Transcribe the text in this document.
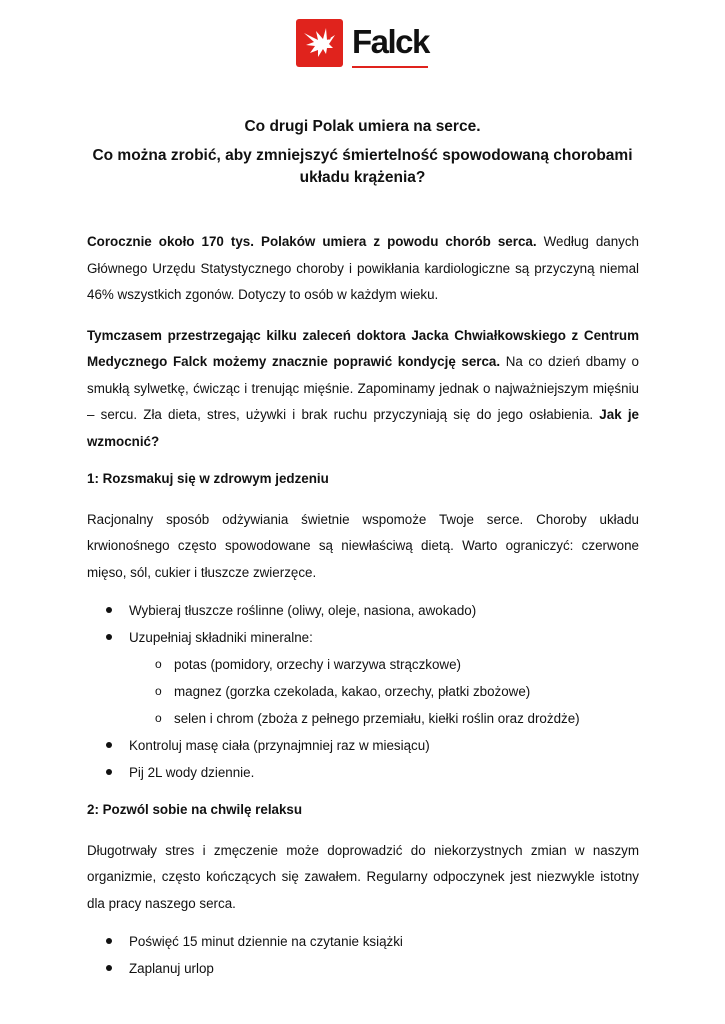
Falck
Co drugi Polak umiera na serce.
Co można zrobić, aby zmniejszyć śmiertelność spowodowaną chorobami
układu krążenia?

Corocznie około 170 tys. Polaków umiera z powodu chorób serca. Według danych Głównego Urzędu Statystycznego choroby i powikłania kardiologiczne są przyczyną niemal 46% wszystkich zgonów. Dotyczy to osób w każdym wieku.

Tymczasem przestrzegając kilku zaleceń doktora Jacka Chwiałkowskiego z Centrum Medycznego Falck możemy znacznie poprawić kondycję serca. Na co dzień dbamy o smukłą sylwetkę, ćwicząc i trenując mięśnie. Zapominamy jednak o najważniejszym mięśniu – sercu. Zła dieta, stres, używki i brak ruchu przyczyniają się do jego osłabienia. Jak je wzmocnić?

1: Rozsmakuj się w zdrowym jedzeniu

Racjonalny sposób odżywiania świetnie wspomoże Twoje serce. Choroby układu krwionośnego często spowodowane są niewłaściwą dietą. Warto ograniczyć: czerwone mięso, sól, cukier i tłuszcze zwierzęce.

Wybieraj tłuszcze roślinne (oliwy, oleje, nasiona, awokado)
Uzupełniaj składniki mineralne:
o potas (pomidory, orzechy i warzywa strączkowe)
o magnez (gorzka czekolada, kakao, orzechy, płatki zbożowe)
o selen i chrom (zboża z pełnego przemiału, kiełki roślin oraz drożdże)
Kontroluj masę ciała (przynajmniej raz w miesiącu)
Pij 2L wody dziennie.

2: Pozwól sobie na chwilę relaksu

Długotrwały stres i zmęczenie może doprowadzić do niekorzystnych zmian w naszym organizmie, często kończących się zawałem. Regularny odpoczynek jest niezwykle istotny dla pracy naszego serca.

Poświęć 15 minut dziennie na czytanie książki
Zaplanuj urlop
